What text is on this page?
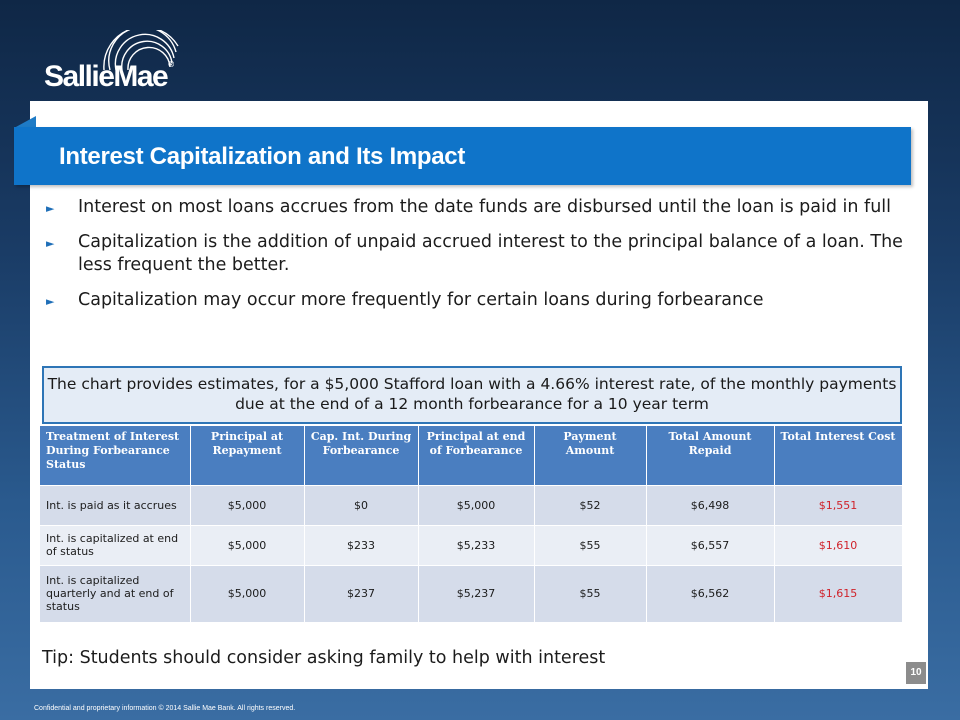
SallieMae®
Interest Capitalization and Its Impact
► Interest on most loans accrues from the date funds are disbursed until the loan is paid in full
► Capitalization is the addition of unpaid accrued interest to the principal balance of a loan. The less frequent the better.
► Capitalization may occur more frequently for certain loans during forbearance
The chart provides estimates, for a $5,000 Stafford loan with a 4.66% interest rate, of the monthly payments due at the end of a 12 month forbearance for a 10 year term
Treatment of Interest During Forbearance Status	Principal at Repayment	Cap. Int. During Forbearance	Principal at end of Forbearance	Payment Amount	Total Amount Repaid	Total Interest Cost
Int. is paid as it accrues	$5,000	$0	$5,000	$52	$6,498	$1,551
Int. is capitalized at end of status	$5,000	$233	$5,233	$55	$6,557	$1,610
Int. is capitalized quarterly and at end of status	$5,000	$237	$5,237	$55	$6,562	$1,615
Tip: Students should consider asking family to help with interest
10
Confidential and proprietary information © 2014 Sallie Mae Bank. All rights reserved.
